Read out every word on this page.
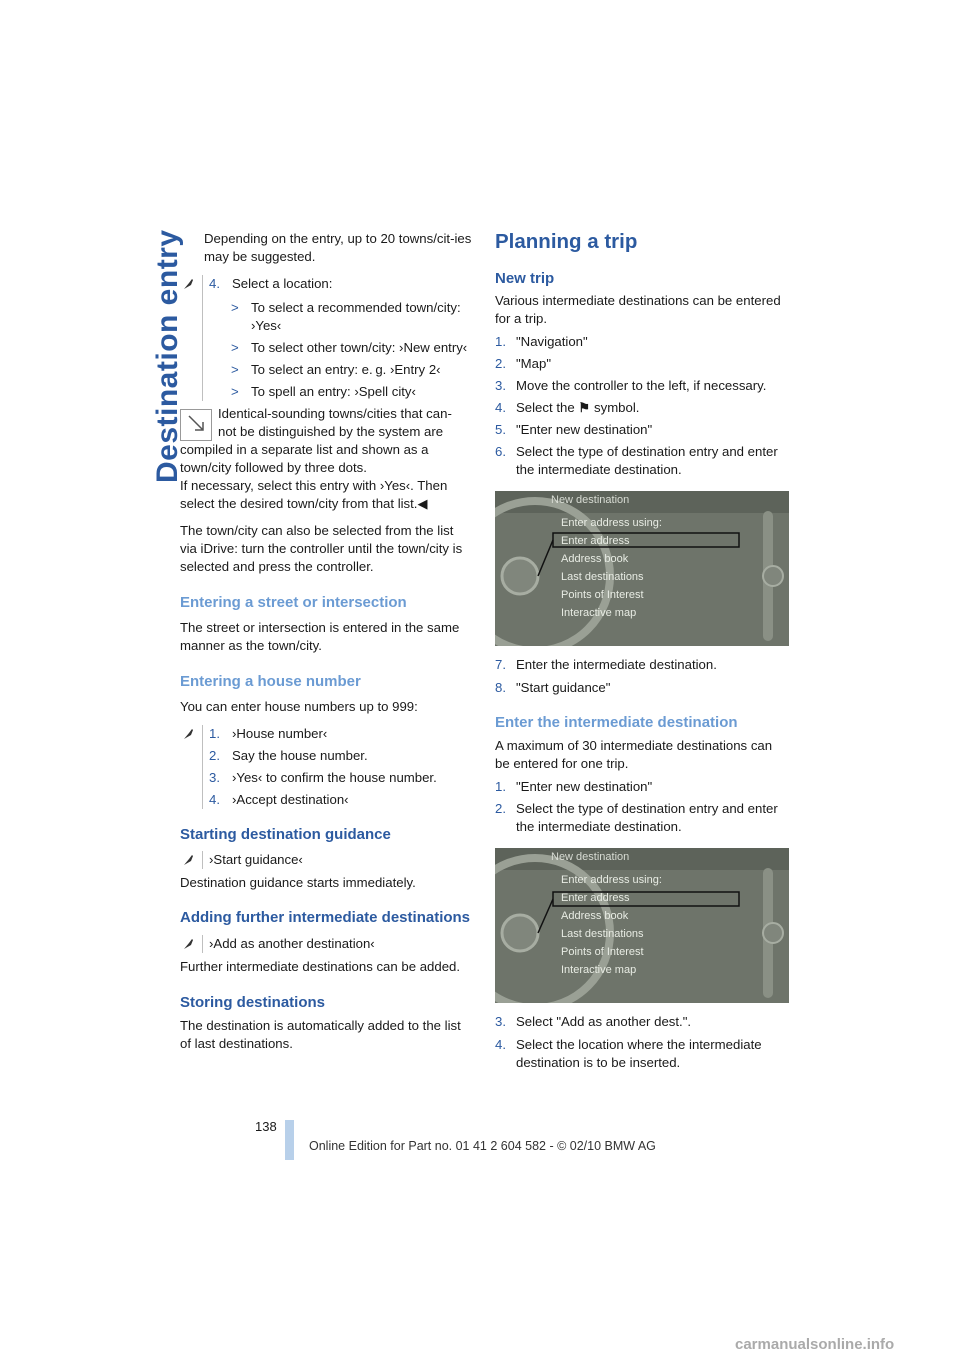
Destination entry Depending on the entry, up to 20 towns/cit-ies may be suggested.

4. Select a location:
> To select a recommended town/city: ›Yes‹
> To select other town/city: ›New entry‹
> To select an entry: e. g. ›Entry 2‹
> To spell an entry: ›Spell city‹

Identical-sounding towns/cities that can-

not be distinguished by the system are

compiled in a separate list and shown as a town/city followed by three dots.

If necessary, select this entry with ›Yes‹. Then select the desired town/city from that list.◀

The town/city can also be selected from the list via iDrive: turn the controller until the town/city is selected and press the controller.

Entering a street or intersection

The street or intersection is entered in the same manner as the town/city.

Entering a house number

You can enter house numbers up to 999:

1. ›House number‹
2. Say the house number.
3. ›Yes‹ to confirm the house number.
4. ›Accept destination‹
Starting destination guidance

›Start guidance‹

Destination guidance starts immediately.

Adding further intermediate destinations

›Add as another destination‹

Further intermediate destinations can be added.

Storing destinations

The destination is automatically added to the list of last destinations.

Planning a trip
New trip

Various intermediate destinations can be entered for a trip.

1. "Navigation"
2. "Map"
3. Move the controller to the left, if necessary.
4. Select the ⚑ symbol.
5. "Enter new destination"
6. Select the type of destination entry and enter the intermediate destination.
New destination
Enter address using:
Enter address
Address book
Last destinations
Points of Interest
Interactive map
7. Enter the intermediate destination.
8. "Start guidance"
Enter the intermediate destination

A maximum of 30 intermediate destinations can be entered for one trip.

1. "Enter new destination"
2. Select the type of destination entry and enter the intermediate destination.
New destination
Enter address using:
Enter address
Address book
Last destinations
Points of Interest
Interactive map
3. Select "Add as another dest.".
4. Select the location where the intermediate destination is to be inserted.
138
Online Edition for Part no. 01 41 2 604 582 - © 02/10 BMW AG
carmanualsonline.info
